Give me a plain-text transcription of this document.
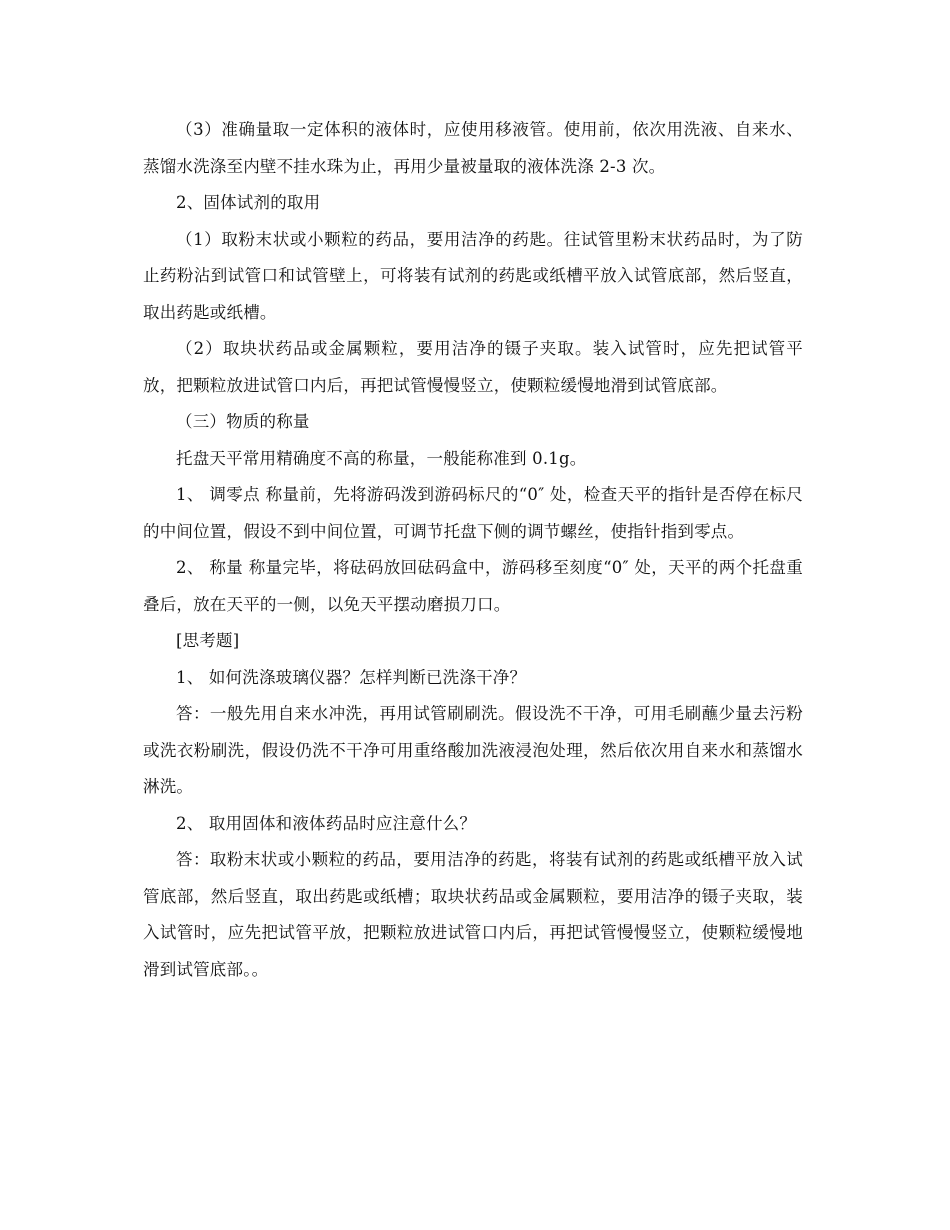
（3）准确量取一定体积的液体时，应使用移液管。使用前，依次用洗液、自来水、蒸馏水洗涤至内壁不挂水珠为止，再用少量被量取的液体洗涤 2-3 次。

2、固体试剂的取用

（1）取粉末状或小颗粒的药品，要用洁净的药匙。往试管里粉末状药品时，为了防止药粉沾到试管口和试管壁上，可将装有试剂的药匙或纸槽平放入试管底部，然后竖直，取出药匙或纸槽。

（2）取块状药品或金属颗粒，要用洁净的镊子夹取。装入试管时，应先把试管平放，把颗粒放进试管口内后，再把试管慢慢竖立，使颗粒缓慢地滑到试管底部。

（三）物质的称量

托盘天平常用精确度不高的称量，一般能称准到 0.1g。

1、 调零点 称量前，先将游码泼到游码标尺的“0″ 处，检查天平的指针是否停在标尺的中间位置，假设不到中间位置，可调节托盘下侧的调节螺丝，使指针指到零点。

2、 称量 称量完毕，将砝码放回砝码盒中，游码移至刻度“0″ 处，天平的两个托盘重叠后，放在天平的一侧，以免天平摆动磨损刀口。

[思考题]

1、 如何洗涤玻璃仪器？怎样判断已洗涤干净？

答：一般先用自来水冲洗，再用试管刷刷洗。假设洗不干净，可用毛刷蘸少量去污粉或洗衣粉刷洗，假设仍洗不干净可用重络酸加洗液浸泡处理，然后依次用自来水和蒸馏水淋洗。

2、 取用固体和液体药品时应注意什么？

答：取粉末状或小颗粒的药品，要用洁净的药匙，将装有试剂的药匙或纸槽平放入试管底部，然后竖直，取出药匙或纸槽；取块状药品或金属颗粒，要用洁净的镊子夹取，装入试管时，应先把试管平放，把颗粒放进试管口内后，再把试管慢慢竖立，使颗粒缓慢地滑到试管底部。。
